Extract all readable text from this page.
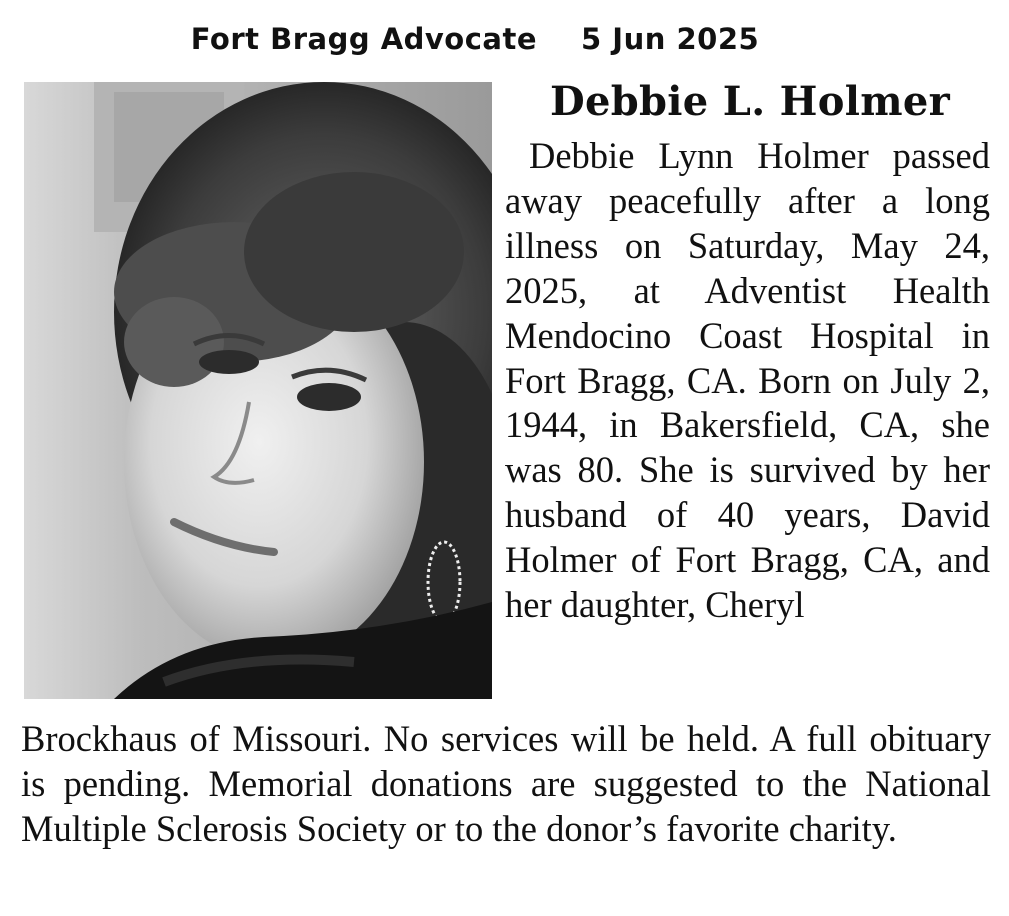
Fort Bragg Advocate 5 Jun 2025
Debbie L. Holmer

Debbie Lynn Holmer passed away peacefully after a long illness on Saturday, May 24, 2025, at Adventist Health Mendocino Coast Hospital in Fort Bragg, CA. Born on July 2, 1944, in Bakersfield, CA, she was 80. She is survived by her husband of 40 years, David Holmer of Fort Bragg, CA, and her daughter, Cheryl

Brockhaus of Missouri. No services will be held. A full obituary is pending. Memorial donations are suggested to the National Multiple Sclerosis Society or to the donor’s favorite charity.
